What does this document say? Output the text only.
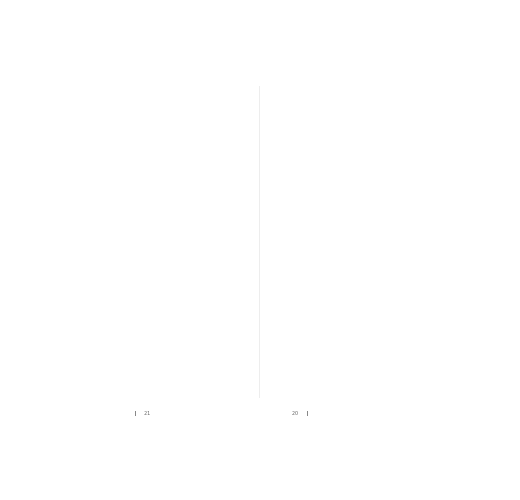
21	20
